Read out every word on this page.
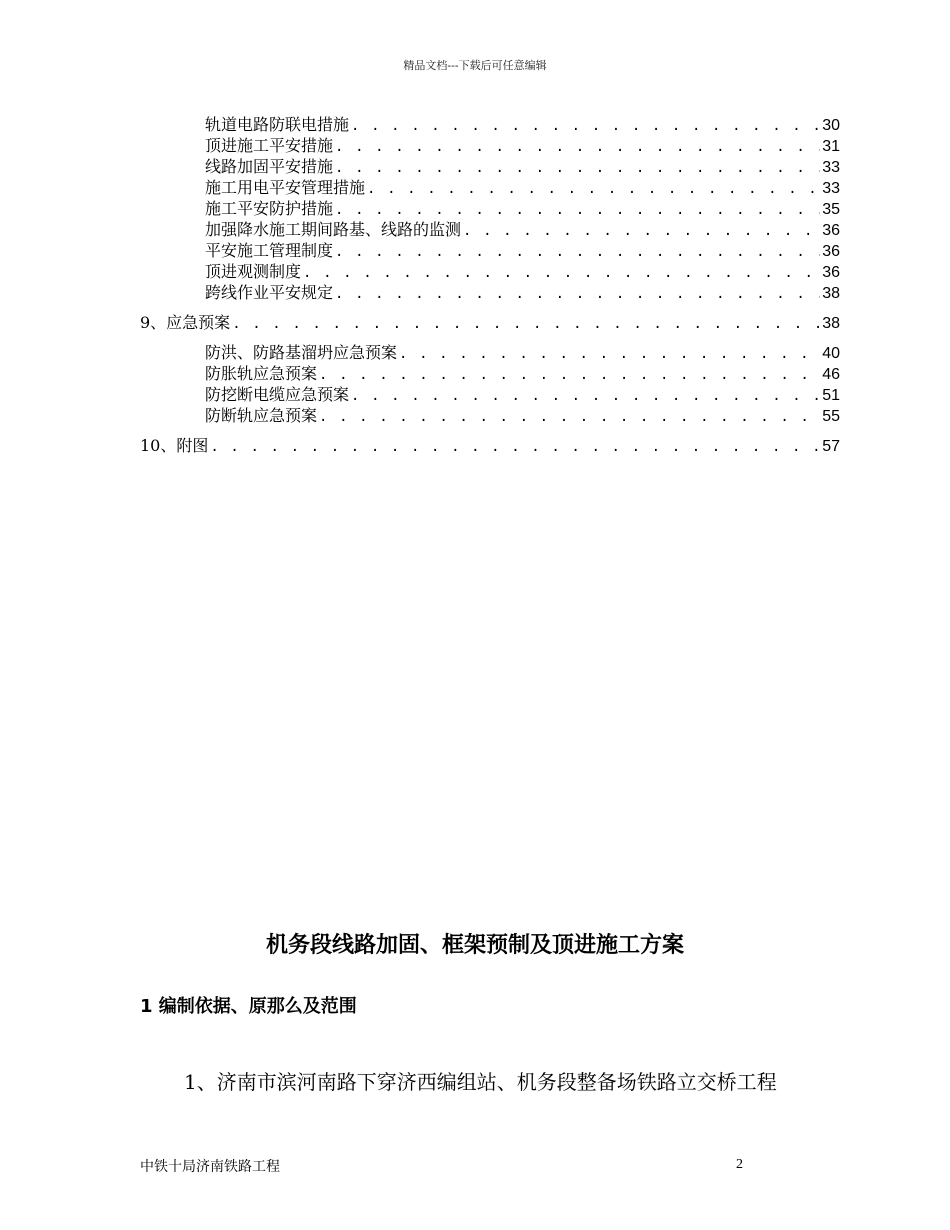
精品文档---下载后可任意编辑
轨道电路防联电措施 . . .	30
顶进施工平安措施 . . .	31
线路加固平安措施 . . .	33
施工用电平安管理措施 . . .	33
施工平安防护措施 . . .	35
加强降水施工期间路基、线路的监测 . . .	36
平安施工管理制度 . . .	36
顶进观测制度 . . .	36
跨线作业平安规定 . . .	38
9、应急预案 . . .	38
防洪、防路基溜坍应急预案 . . .	40
防胀轨应急预案 . . .	46
防挖断电缆应急预案 . . .	51
防断轨应急预案 . . .	55
10、附图 . . .	57
机务段线路加固、框架预制及顶进施工方案
1 编制依据、原那么及范围
1、济南市滨河南路下穿济西编组站、机务段整备场铁路立交桥工程
中铁十局济南铁路工程	2
